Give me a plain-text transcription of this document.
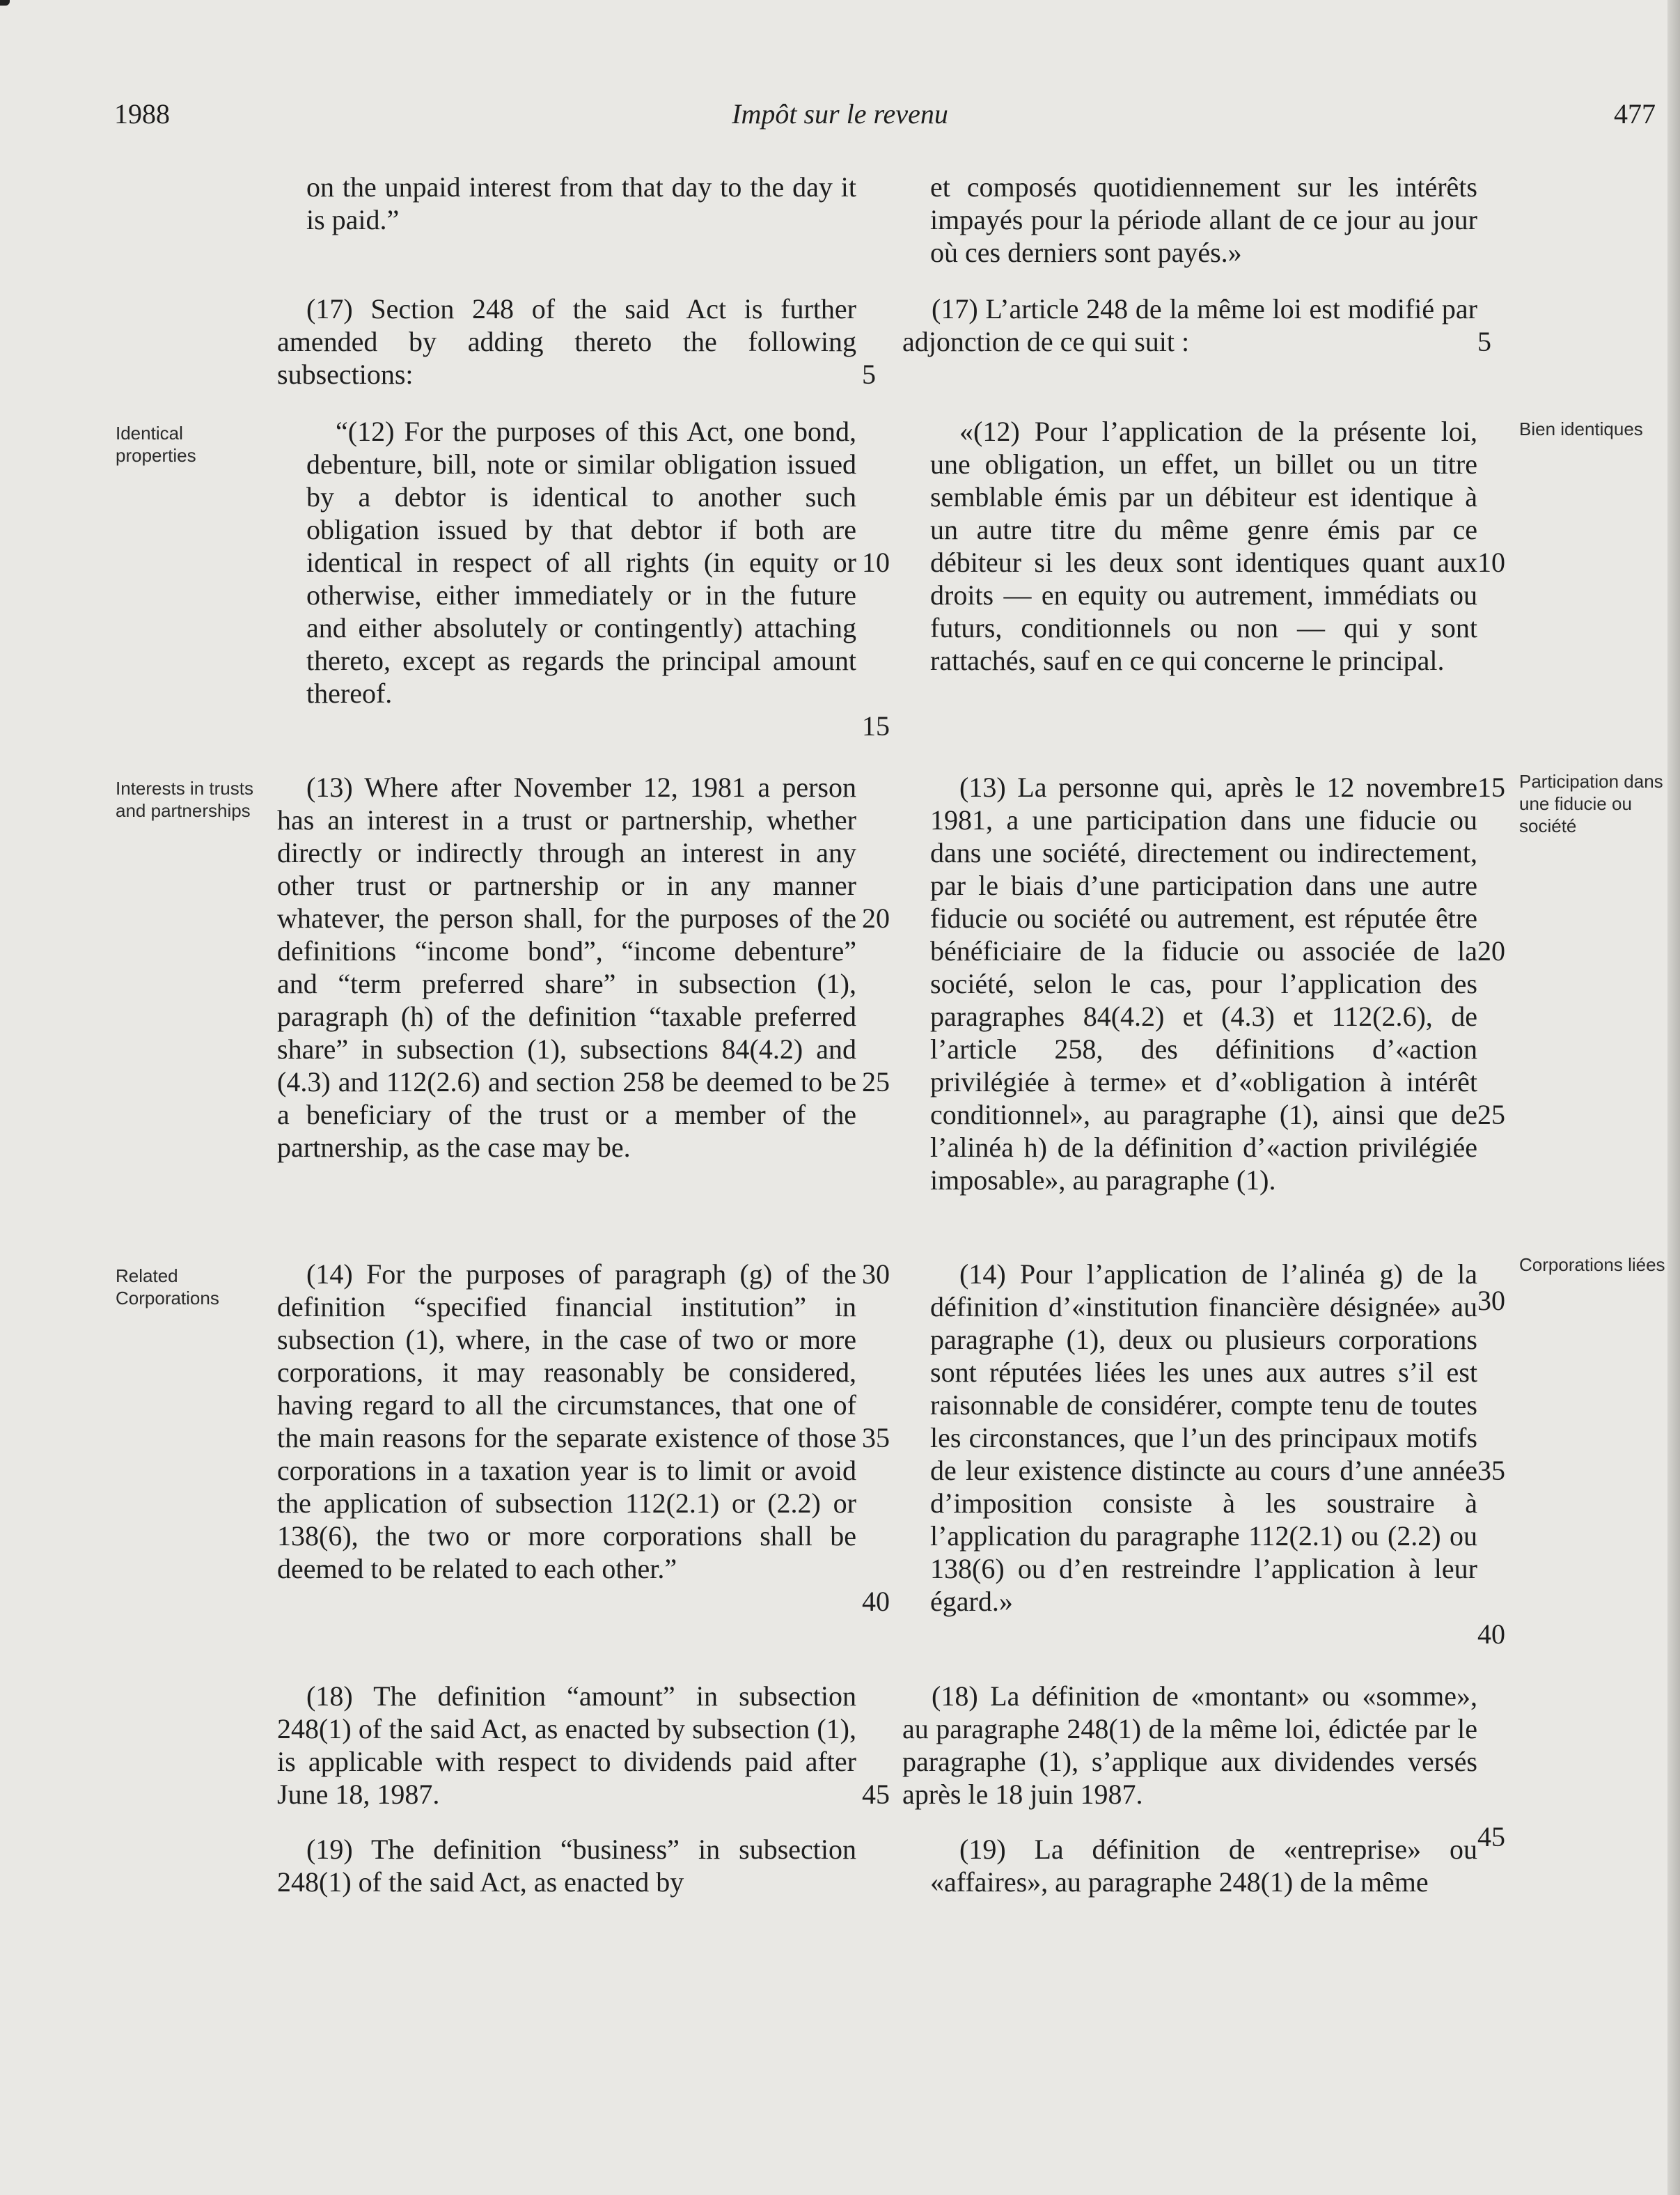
1988	Impôt sur le revenu	477

on the unpaid interest from that day to the day it is paid.”

(17) Section 248 of the said Act is further amended by adding thereto the following subsections:

“(12) For the purposes of this Act, one bond, debenture, bill, note or similar obligation issued by a debtor is identical to another such obligation issued by that debtor if both are identical in respect of all rights (in equity or otherwise, either immediately or in the future and either absolutely or contingently) attaching thereto, except as regards the principal amount thereof.

(13) Where after November 12, 1981 a person has an interest in a trust or partnership, whether directly or indirectly through an interest in any other trust or partnership or in any manner whatever, the person shall, for the purposes of the definitions “income bond”, “income debenture” and “term preferred share” in subsection (1), paragraph (h) of the definition “taxable preferred share” in subsection (1), subsections 84(4.2) and (4.3) and 112(2.6) and section 258 be deemed to be a beneficiary of the trust or a member of the partnership, as the case may be.

(14) For the purposes of paragraph (g) of the definition “specified financial institution” in subsection (1), where, in the case of two or more corporations, it may reasonably be considered, having regard to all the circumstances, that one of the main reasons for the separate existence of those corporations in a taxation year is to limit or avoid the application of subsection 112(2.1) or (2.2) or 138(6), the two or more corporations shall be deemed to be related to each other.”

(18) The definition “amount” in subsection 248(1) of the said Act, as enacted by subsection (1), is applicable with respect to dividends paid after June 18, 1987.

(19) The definition “business” in subsection 248(1) of the said Act, as enacted by

et composés quotidiennement sur les intérêts impayés pour la période allant de ce jour au jour où ces derniers sont payés.»

(17) L’article 248 de la même loi est modifié par adjonction de ce qui suit :

«(12) Pour l’application de la présente loi, une obligation, un effet, un billet ou un titre semblable émis par un débiteur est identique à un autre titre du même genre émis par ce débiteur si les deux sont identiques quant aux droits — en equity ou autrement, immédiats ou futurs, conditionnels ou non — qui y sont rattachés, sauf en ce qui concerne le principal.

(13) La personne qui, après le 12 novembre 1981, a une participation dans une fiducie ou dans une société, directement ou indirectement, par le biais d’une participation dans une autre fiducie ou société ou autrement, est réputée être bénéficiaire de la fiducie ou associée de la société, selon le cas, pour l’application des paragraphes 84(4.2) et (4.3) et 112(2.6), de l’article 258, des définitions d’«action privilégiée à terme» et d’«obligation à intérêt conditionnel», au paragraphe (1), ainsi que de l’alinéa h) de la définition d’«action privilégiée imposable», au paragraphe (1).

(14) Pour l’application de l’alinéa g) de la définition d’«institution financière désignée» au paragraphe (1), deux ou plusieurs corporations sont réputées liées les unes aux autres s’il est raisonnable de considérer, compte tenu de toutes les circonstances, que l’un des principaux motifs de leur existence distincte au cours d’une année d’imposition consiste à les soustraire à l’application du paragraphe 112(2.1) ou (2.2) ou 138(6) ou d’en restreindre l’application à leur égard.»

(18) La définition de «montant» ou «somme», au paragraphe 248(1) de la même loi, édictée par le paragraphe (1), s’applique aux dividendes versés après le 18 juin 1987.

(19) La définition de «entreprise» ou «affaires», au paragraphe 248(1) de la même

5
10
15
20
25
30
35
40
45
5
10
15
20
25
30
35
40
45
Identical properties
Interests in trusts and partnerships
Related Corporations
Bien identiques
Participation dans une fiducie ou société
Corporations liées
